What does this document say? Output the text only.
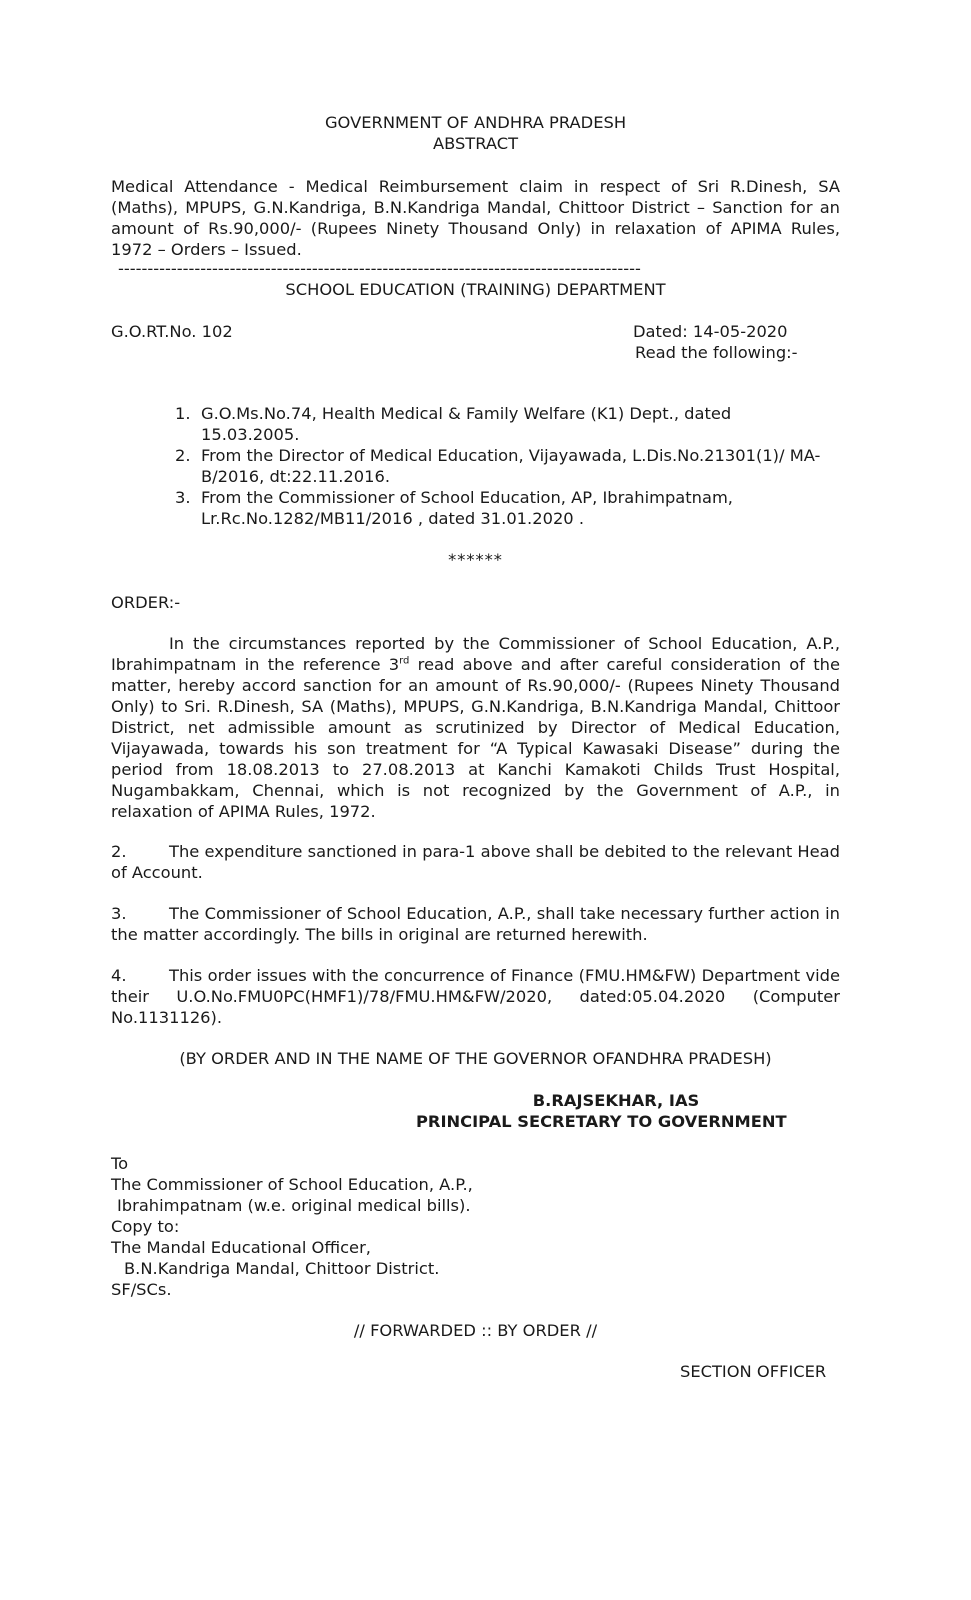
GOVERNMENT OF ANDHRA PRADESH
ABSTRACT
Medical Attendance - Medical Reimbursement claim in respect of Sri R.Dinesh, SA (Maths), MPUPS, G.N.Kandriga, B.N.Kandriga Mandal, Chittoor District – Sanction for an amount of Rs.90,000/- (Rupees Ninety Thousand Only) in relaxation of APIMA Rules, 1972 – Orders – Issued.
-----------------------------------------------------------------------------------------
SCHOOL EDUCATION (TRAINING) DEPARTMENT
G.O.RT.No. 102	Dated: 14-05-2020
Read the following:-
1. G.O.Ms.No.74, Health Medical & Family Welfare (K1) Dept., dated 15.03.2005.
2. From the Director of Medical Education, Vijayawada, L.Dis.No.21301(1)/ MA-B/2016, dt:22.11.2016.
3. From the Commissioner of School Education, AP, Ibrahimpatnam, Lr.Rc.No.1282/MB11/2016 , dated 31.01.2020 .
******
ORDER:-
In the circumstances reported by the Commissioner of School Education, A.P., Ibrahimpatnam in the reference 3rd read above and after careful consideration of the matter, hereby accord sanction for an amount of Rs.90,000/- (Rupees Ninety Thousand Only) to Sri. R.Dinesh, SA (Maths), MPUPS, G.N.Kandriga, B.N.Kandriga Mandal, Chittoor District, net admissible amount as scrutinized by Director of Medical Education, Vijayawada, towards his son treatment for “A Typical Kawasaki Disease” during the period from 18.08.2013 to 27.08.2013 at Kanchi Kamakoti Childs Trust Hospital, Nugambakkam, Chennai, which is not recognized by the Government of A.P., in relaxation of APIMA Rules, 1972.
2.	The expenditure sanctioned in para-1 above shall be debited to the relevant Head of Account.
3.	The Commissioner of School Education, A.P., shall take necessary further action in the matter accordingly. The bills in original are returned herewith.
4.	This order issues with the concurrence of Finance (FMU.HM&FW) Department vide their U.O.No.FMU0PC(HMF1)/78/FMU.HM&FW/2020, dated:05.04.2020 (Computer No.1131126).
(BY ORDER AND IN THE NAME OF THE GOVERNOR OFANDHRA PRADESH)
B.RAJSEKHAR, IAS
PRINCIPAL SECRETARY TO GOVERNMENT
To
The Commissioner of School Education, A.P.,
Ibrahimpatnam (w.e. original medical bills).
Copy to:
The Mandal Educational Officer,
B.N.Kandriga Mandal, Chittoor District.
SF/SCs.
// FORWARDED :: BY ORDER //
SECTION OFFICER
